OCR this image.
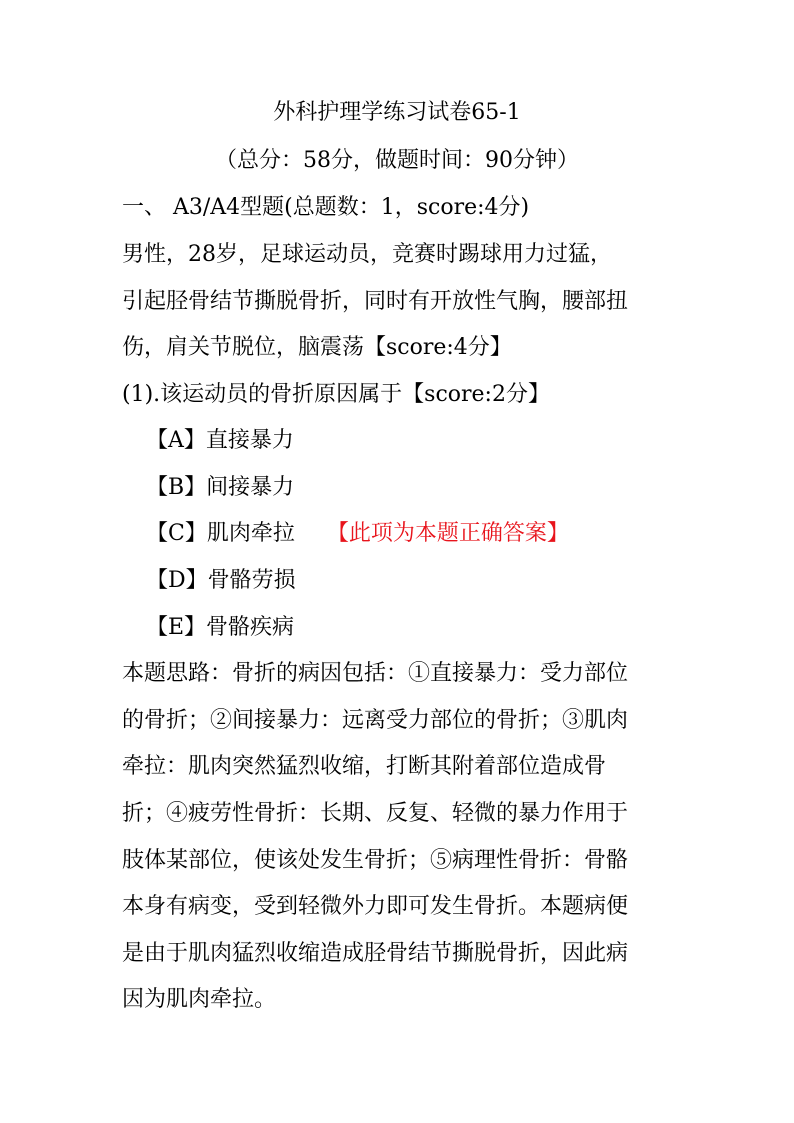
外科护理学练习试卷65-1
（总分：58分，做题时间：90分钟）
一、 A3/A4型题(总题数：1，score:4分)
男性，28岁，足球运动员，竞赛时踢球用力过猛，
引起胫骨结节撕脱骨折，同时有开放性气胸，腰部扭
伤，肩关节脱位，脑震荡【score:4分】
(1).该运动员的骨折原因属于【score:2分】
【A】直接暴力
【B】间接暴力
【C】肌肉牵拉 【此项为本题正确答案】
【D】骨骼劳损
【E】骨骼疾病
本题思路：骨折的病因包括：①直接暴力：受力部位
的骨折；②间接暴力：远离受力部位的骨折；③肌肉
牵拉：肌肉突然猛烈收缩，打断其附着部位造成骨
折；④疲劳性骨折：长期、反复、轻微的暴力作用于
肢体某部位，使该处发生骨折；⑤病理性骨折：骨骼
本身有病变，受到轻微外力即可发生骨折。本题病便
是由于肌肉猛烈收缩造成胫骨结节撕脱骨折，因此病
因为肌肉牵拉。
